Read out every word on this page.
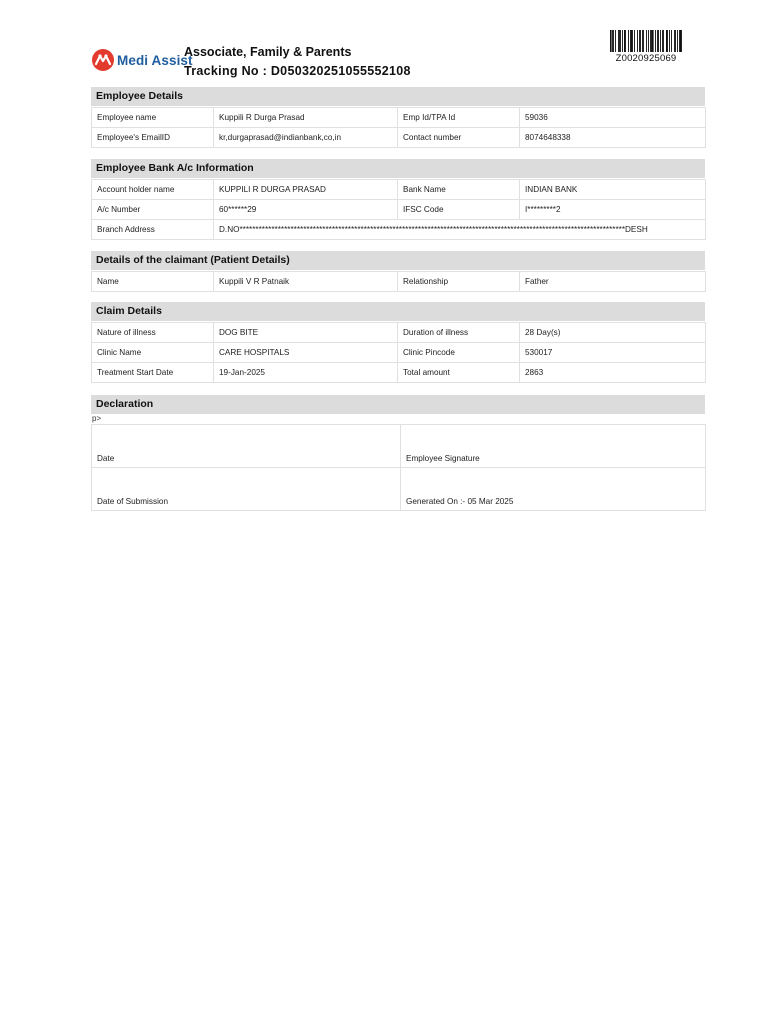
Medi Assist
Associate, Family & Parents
Tracking No : D050320251055552108
Z0020925069
Employee Details
Employee name	Kuppili R Durga Prasad	Emp Id/TPA Id	59036
Employee's EmailID	kr,durgaprasad@indianbank,co,in	Contact number	8074648338
Employee Bank A/c Information
Account holder name	KUPPILI R DURGA PRASAD	Bank Name	INDIAN BANK
A/c Number	60******29	IFSC Code	I*********2
Branch Address	D.NO*************************************************************************************************************************DESH		
Details of the claimant (Patient Details)
Name	Kuppili V R Patnaik	Relationship	Father
Claim Details
Nature of illness	DOG BITE	Duration of illness	28 Day(s)
Clinic Name	CARE HOSPITALS	Clinic Pincode	530017
Treatment Start Date	19-Jan-2025	Total amount	2863
Declaration
p>
Date	Employee Signature
Date of Submission	Generated On :- 05 Mar 2025
